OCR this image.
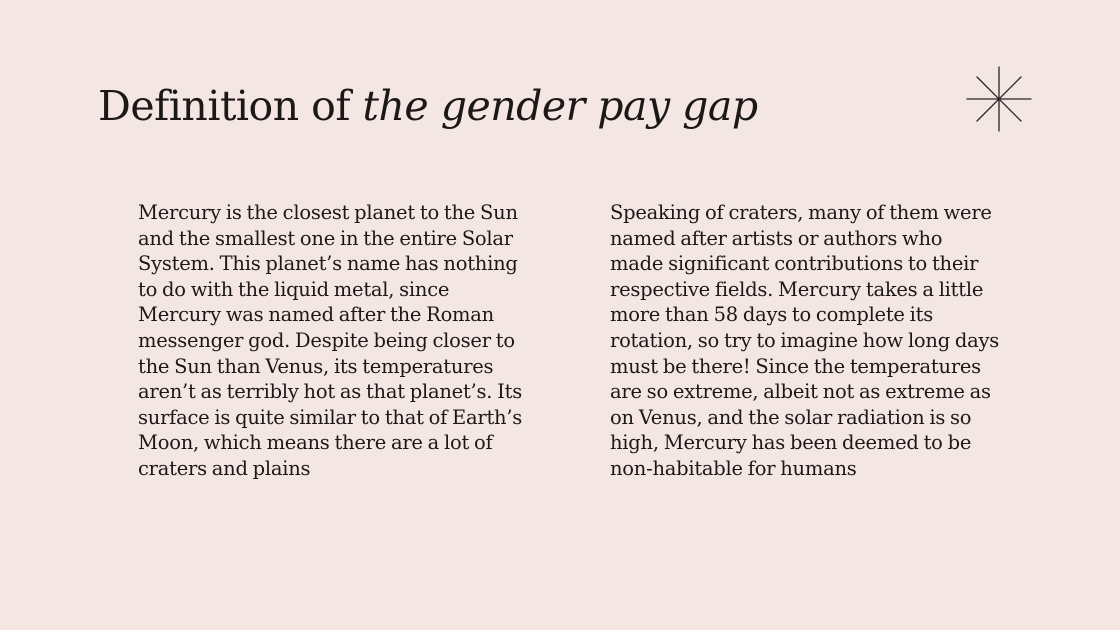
Definition of the gender pay gap

Mercury is the closest planet to the Sun and the smallest one in the entire Solar System. This planet’s name has nothing to do with the liquid metal, since Mercury was named after the Roman messenger god. Despite being closer to the Sun than Venus, its temperatures aren’t as terribly hot as that planet’s. Its surface is quite similar to that of Earth’s Moon, which means there are a lot of craters and plains

Speaking of craters, many of them were named after artists or authors who made significant contributions to their respective fields. Mercury takes a little more than 58 days to complete its rotation, so try to imagine how long days must be there! Since the temperatures are so extreme, albeit not as extreme as on Venus, and the solar radiation is so high, Mercury has been deemed to be non-habitable for humans
